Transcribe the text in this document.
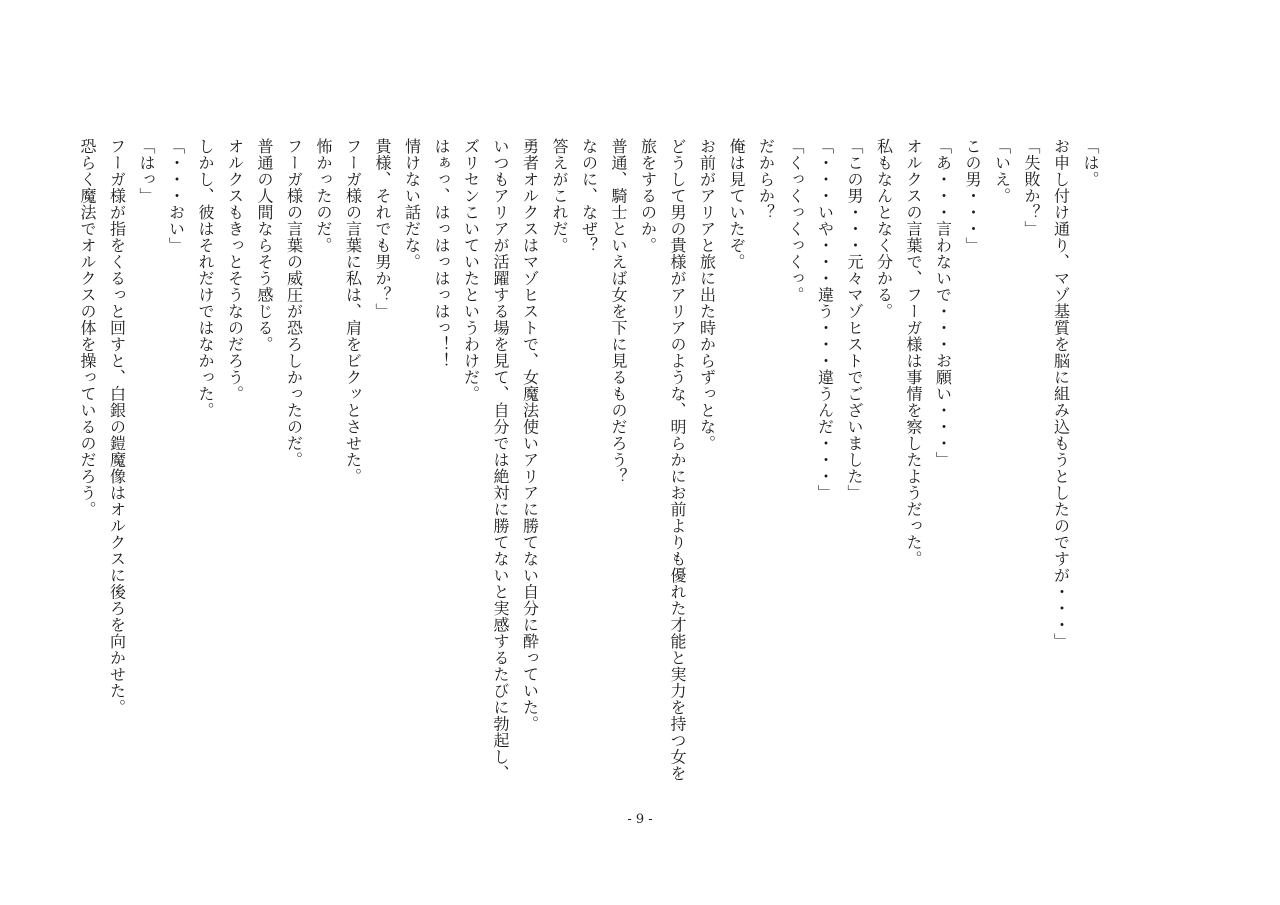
「は。
お申し付け通り、マゾ基質を脳に組み込もうとしたのですが・・・」
「失敗か？」
「いえ。
この男・・・」
「あ・・・言わないで・・・お願い・・・」
オルクスの言葉で、フーガ様は事情を察したようだった。
私もなんとなく分かる。
「この男・・・元々マゾヒストでございました」
「・・・いや・・・違う・・・違うんだ・・・」
「くっくっくっくっ。
だからか？
俺は見ていたぞ。
お前がアリアと旅に出た時からずっとな。
どうして男の貴様がアリアのような、明らかにお前よりも優れた才能と実力を持つ女を
旅をするのか。
普通、騎士といえば女を下に見るものだろう？
なのに、なぜ？
答えがこれだ。
勇者オルクスはマゾヒストで、女魔法使いアリアに勝てない自分に酔っていた。
いつもアリアが活躍する場を見て、自分では絶対に勝てないと実感するたびに勃起し、
ズリセンこいていたというわけだ。
はぁっ、はっはっはっはっ！！
情けない話だな。
貴様、それでも男か？」
フーガ様の言葉に私は、肩をビクッとさせた。
怖かったのだ。
フーガ様の言葉の威圧が恐ろしかったのだ。
普通の人間ならそう感じる。
オルクスもきっとそうなのだろう。
しかし、彼はそれだけではなかった。
「・・・おい」
「はっ」
フーガ様が指をくるっと回すと、白銀の鎧魔像はオルクスに後ろを向かせた。
恐らく魔法でオルクスの体を操っているのだろう。
- 9 -
